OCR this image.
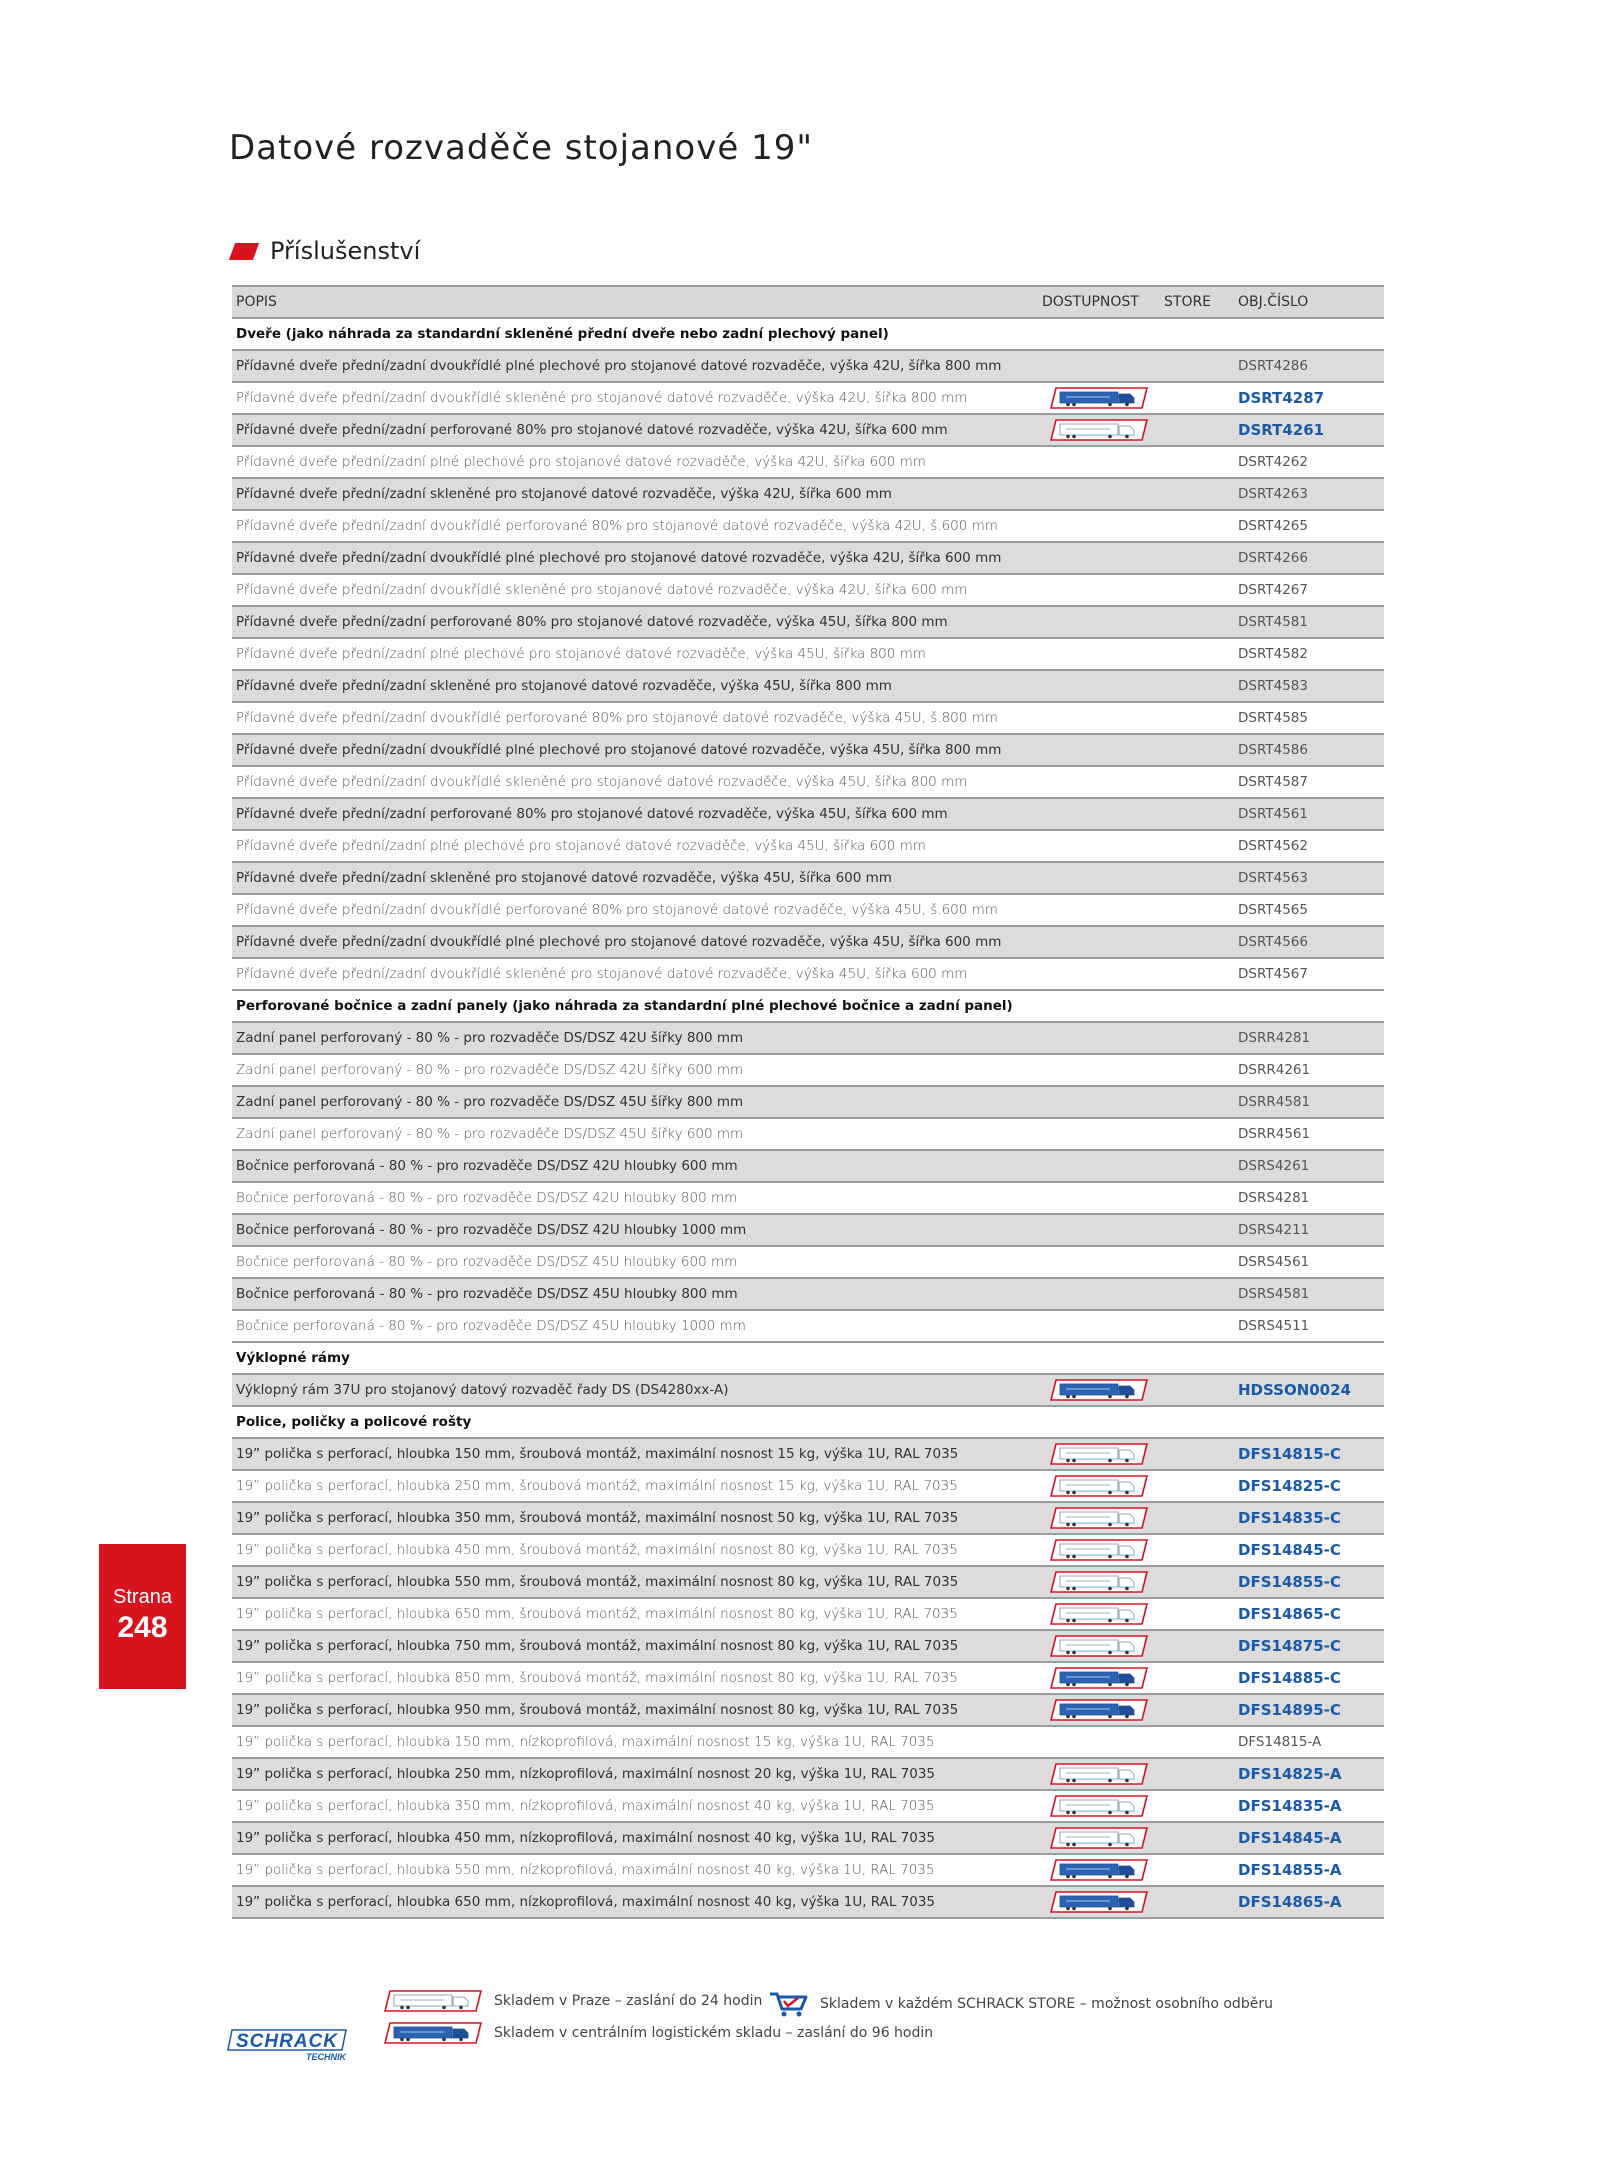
Datové rozvaděče stojanové 19"
Příslušenství
POPIS	DOSTUPNOST	STORE	OBJ.ČÍSLO
Dveře (jako náhrada za standardní skleněné přední dveře nebo zadní plechový panel)			
Přídavné dveře přední/zadní dvoukřídlé plné plechové pro stojanové datové rozvaděče, výška 42U, šířka 800 mm			DSRT4286
Přídavné dveře přední/zadní dvoukřídlé skleněné pro stojanové datové rozvaděče, výška 42U, šířka 800 mm			DSRT4287
Přídavné dveře přední/zadní perforované 80% pro stojanové datové rozvaděče, výška 42U, šířka 600 mm			DSRT4261
Přídavné dveře přední/zadní plné plechové pro stojanové datové rozvaděče, výška 42U, šířka 600 mm			DSRT4262
Přídavné dveře přední/zadní skleněné pro stojanové datové rozvaděče, výška 42U, šířka 600 mm			DSRT4263
Přídavné dveře přední/zadní dvoukřídlé perforované 80% pro stojanové datové rozvaděče, výška 42U, š.600 mm			DSRT4265
Přídavné dveře přední/zadní dvoukřídlé plné plechové pro stojanové datové rozvaděče, výška 42U, šířka 600 mm			DSRT4266
Přídavné dveře přední/zadní dvoukřídlé skleněné pro stojanové datové rozvaděče, výška 42U, šířka 600 mm			DSRT4267
Přídavné dveře přední/zadní perforované 80% pro stojanové datové rozvaděče, výška 45U, šířka 800 mm			DSRT4581
Přídavné dveře přední/zadní plné plechové pro stojanové datové rozvaděče, výška 45U, šířka 800 mm			DSRT4582
Přídavné dveře přední/zadní skleněné pro stojanové datové rozvaděče, výška 45U, šířka 800 mm			DSRT4583
Přídavné dveře přední/zadní dvoukřídlé perforované 80% pro stojanové datové rozvaděče, výška 45U, š.800 mm			DSRT4585
Přídavné dveře přední/zadní dvoukřídlé plné plechové pro stojanové datové rozvaděče, výška 45U, šířka 800 mm			DSRT4586
Přídavné dveře přední/zadní dvoukřídlé skleněné pro stojanové datové rozvaděče, výška 45U, šířka 800 mm			DSRT4587
Přídavné dveře přední/zadní perforované 80% pro stojanové datové rozvaděče, výška 45U, šířka 600 mm			DSRT4561
Přídavné dveře přední/zadní plné plechové pro stojanové datové rozvaděče, výška 45U, šířka 600 mm			DSRT4562
Přídavné dveře přední/zadní skleněné pro stojanové datové rozvaděče, výška 45U, šířka 600 mm			DSRT4563
Přídavné dveře přední/zadní dvoukřídlé perforované 80% pro stojanové datové rozvaděče, výška 45U, š.600 mm			DSRT4565
Přídavné dveře přední/zadní dvoukřídlé plné plechové pro stojanové datové rozvaděče, výška 45U, šířka 600 mm			DSRT4566
Přídavné dveře přední/zadní dvoukřídlé skleněné pro stojanové datové rozvaděče, výška 45U, šířka 600 mm			DSRT4567
Perforované bočnice a zadní panely (jako náhrada za standardní plné plechové bočnice a zadní panel)			
Zadní panel perforovaný - 80 % - pro rozvaděče DS/DSZ 42U šířky 800 mm			DSRR4281
Zadní panel perforovaný - 80 % - pro rozvaděče DS/DSZ 42U šířky 600 mm			DSRR4261
Zadní panel perforovaný - 80 % - pro rozvaděče DS/DSZ 45U šířky 800 mm			DSRR4581
Zadní panel perforovaný - 80 % - pro rozvaděče DS/DSZ 45U šířky 600 mm			DSRR4561
Bočnice perforovaná - 80 % - pro rozvaděče DS/DSZ 42U hloubky 600 mm			DSRS4261
Bočnice perforovaná - 80 % - pro rozvaděče DS/DSZ 42U hloubky 800 mm			DSRS4281
Bočnice perforovaná - 80 % - pro rozvaděče DS/DSZ 42U hloubky 1000 mm			DSRS4211
Bočnice perforovaná - 80 % - pro rozvaděče DS/DSZ 45U hloubky 600 mm			DSRS4561
Bočnice perforovaná - 80 % - pro rozvaděče DS/DSZ 45U hloubky 800 mm			DSRS4581
Bočnice perforovaná - 80 % - pro rozvaděče DS/DSZ 45U hloubky 1000 mm			DSRS4511
Výklopné rámy			
Výklopný rám 37U pro stojanový datový rozvaděč řady DS (DS4280xx-A)			HDSSON0024
Police, poličky a policové rošty			
19” polička s perforací, hloubka 150 mm, šroubová montáž, maximální nosnost 15 kg, výška 1U, RAL 7035			DFS14815-C
19” polička s perforací, hloubka 250 mm, šroubová montáž, maximální nosnost 15 kg, výška 1U, RAL 7035			DFS14825-C
19” polička s perforací, hloubka 350 mm, šroubová montáž, maximální nosnost 50 kg, výška 1U, RAL 7035			DFS14835-C
19” polička s perforací, hloubka 450 mm, šroubová montáž, maximální nosnost 80 kg, výška 1U, RAL 7035			DFS14845-C
19” polička s perforací, hloubka 550 mm, šroubová montáž, maximální nosnost 80 kg, výška 1U, RAL 7035			DFS14855-C
19” polička s perforací, hloubka 650 mm, šroubová montáž, maximální nosnost 80 kg, výška 1U, RAL 7035			DFS14865-C
19” polička s perforací, hloubka 750 mm, šroubová montáž, maximální nosnost 80 kg, výška 1U, RAL 7035			DFS14875-C
19” polička s perforací, hloubka 850 mm, šroubová montáž, maximální nosnost 80 kg, výška 1U, RAL 7035			DFS14885-C
19” polička s perforací, hloubka 950 mm, šroubová montáž, maximální nosnost 80 kg, výška 1U, RAL 7035			DFS14895-C
19” polička s perforací, hloubka 150 mm, nízkoprofilová, maximální nosnost 15 kg, výška 1U, RAL 7035			DFS14815-A
19” polička s perforací, hloubka 250 mm, nízkoprofilová, maximální nosnost 20 kg, výška 1U, RAL 7035			DFS14825-A
19” polička s perforací, hloubka 350 mm, nízkoprofilová, maximální nosnost 40 kg, výška 1U, RAL 7035			DFS14835-A
19” polička s perforací, hloubka 450 mm, nízkoprofilová, maximální nosnost 40 kg, výška 1U, RAL 7035			DFS14845-A
19” polička s perforací, hloubka 550 mm, nízkoprofilová, maximální nosnost 40 kg, výška 1U, RAL 7035			DFS14855-A
19” polička s perforací, hloubka 650 mm, nízkoprofilová, maximální nosnost 40 kg, výška 1U, RAL 7035			DFS14865-A
Strana
248
Skladem v Praze – zaslání do 24 hodin
Skladem v centrálním logistickém skladu – zaslání do 96 hodin
Skladem v každém SCHRACK STORE – možnost osobního odběru
SCHRACK
TECHNIK
